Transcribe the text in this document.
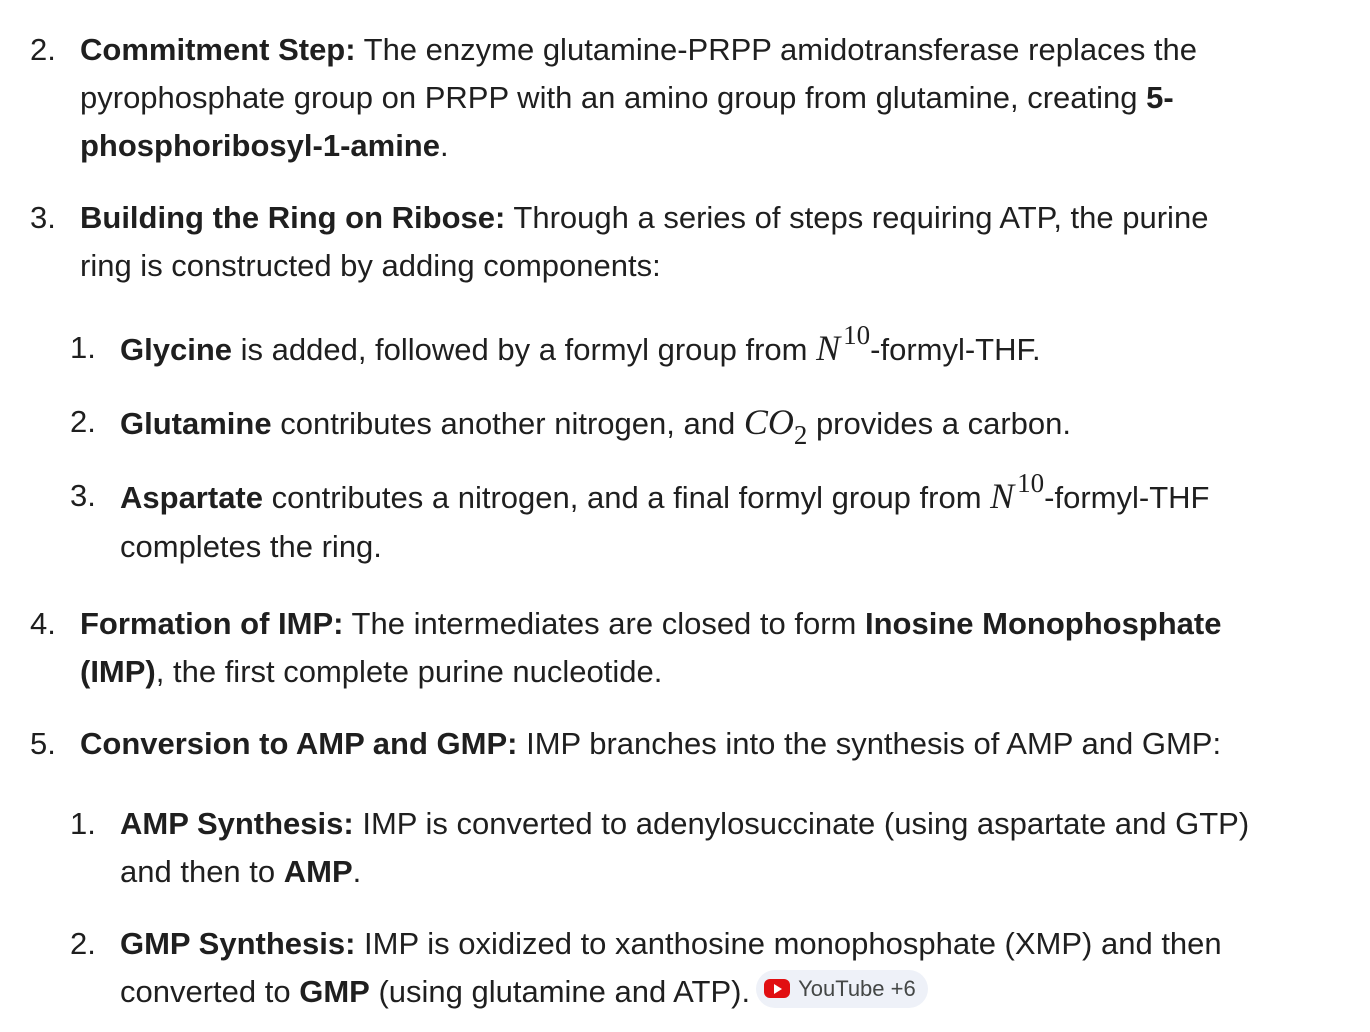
2. Commitment Step: The enzyme glutamine-PRPP amidotransferase replaces the
pyrophosphate group on PRPP with an amino group from glutamine, creating 5-
phosphoribosyl-1-amine.
3. Building the Ring on Ribose: Through a series of steps requiring ATP, the purine
ring is constructed by adding components:
1. Glycine is added, followed by a formyl group from N $^{10}$-formyl-THF.
2. Glutamine contributes another nitrogen, and $CO_2$ provides a carbon.
3. Aspartate contributes a nitrogen, and a final formyl group from N $^{10}$-formyl-THF
completes the ring.
4. Formation of IMP: The intermediates are closed to form Inosine Monophosphate
(IMP), the first complete purine nucleotide.
5. Conversion to AMP and GMP: IMP branches into the synthesis of AMP and GMP:
1. AMP Synthesis: IMP is converted to adenylosuccinate (using aspartate and GTP)
and then to AMP.
2. GMP Synthesis: IMP is oxidized to xanthosine monophosphate (XMP) and then
converted to GMP (using glutamine and ATP). YouTube +6
